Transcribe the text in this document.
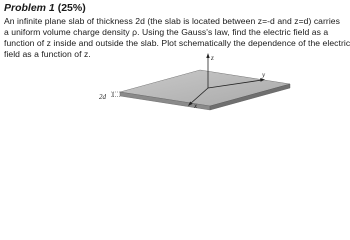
Problem 1 (25%)
An infinite plane slab of thickness 2d (the slab is located between z=-d and z=d) carries
a uniform volume charge density ρ. Using the Gauss's law, find the electric field as a
function of z inside and outside the slab. Plot schematically the dependence of the electric
field as a function of z.	z
y
x
2d
